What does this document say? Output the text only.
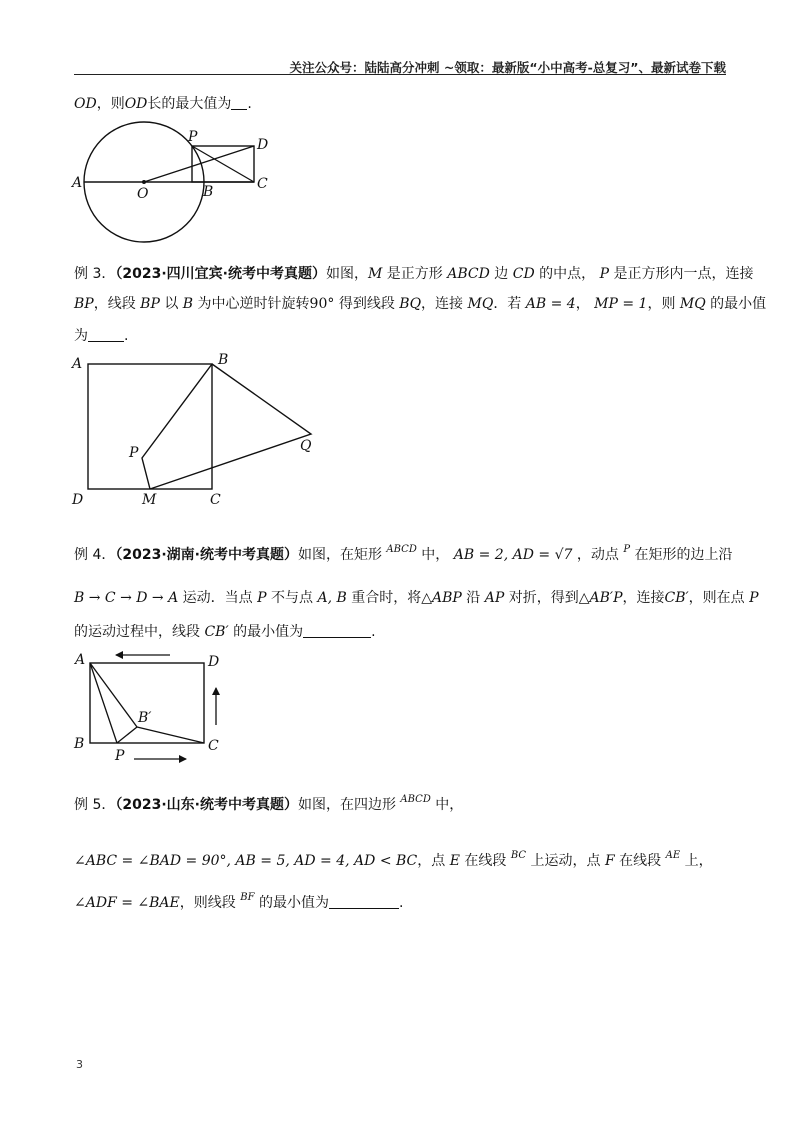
关注公众号：陆陆高分冲刺 ~领取：最新版“小中高考-总复习”、最新试卷下载
OD，则OD长的最大值为 .
P	D
A
O	B	C
例 3．（2023·四川宜宾·统考中考真题）如图，M 是正方形 ABCD 边 CD 的中点， P 是正方形内一点，连接
BP，线段 BP 以 B 为中心逆时针旋转90° 得到线段 BQ，连接 MQ．若 AB = 4， MP = 1，则 MQ 的最小值
为	.
A	B
P	Q
D	M	C
例 4．（2023·湖南·统考中考真题）如图，在矩形 $^{ABCD}$ 中， AB = 2, AD = √7 ，动点 $^P$ 在矩形的边上沿
B → C → D → A 运动．当点 P 不与点 A, B 重合时，将△ABP 沿 AP 对折，得到△AB′P，连接CB′，则在点 P
的运动过程中，线段 CB′ 的最小值为	.
A	D
B′
B
P
C
例 5．（2023·山东·统考中考真题）如图，在四边形 $^{ABCD}$ 中，
∠ABC = ∠BAD = 90°, AB = 5, AD = 4, AD < BC，点 E 在线段 $^{BC}$ 上运动，点 F 在线段 $^{AE}$ 上，
∠ADF = ∠BAE，则线段 $^{BF}$ 的最小值为	.
3
